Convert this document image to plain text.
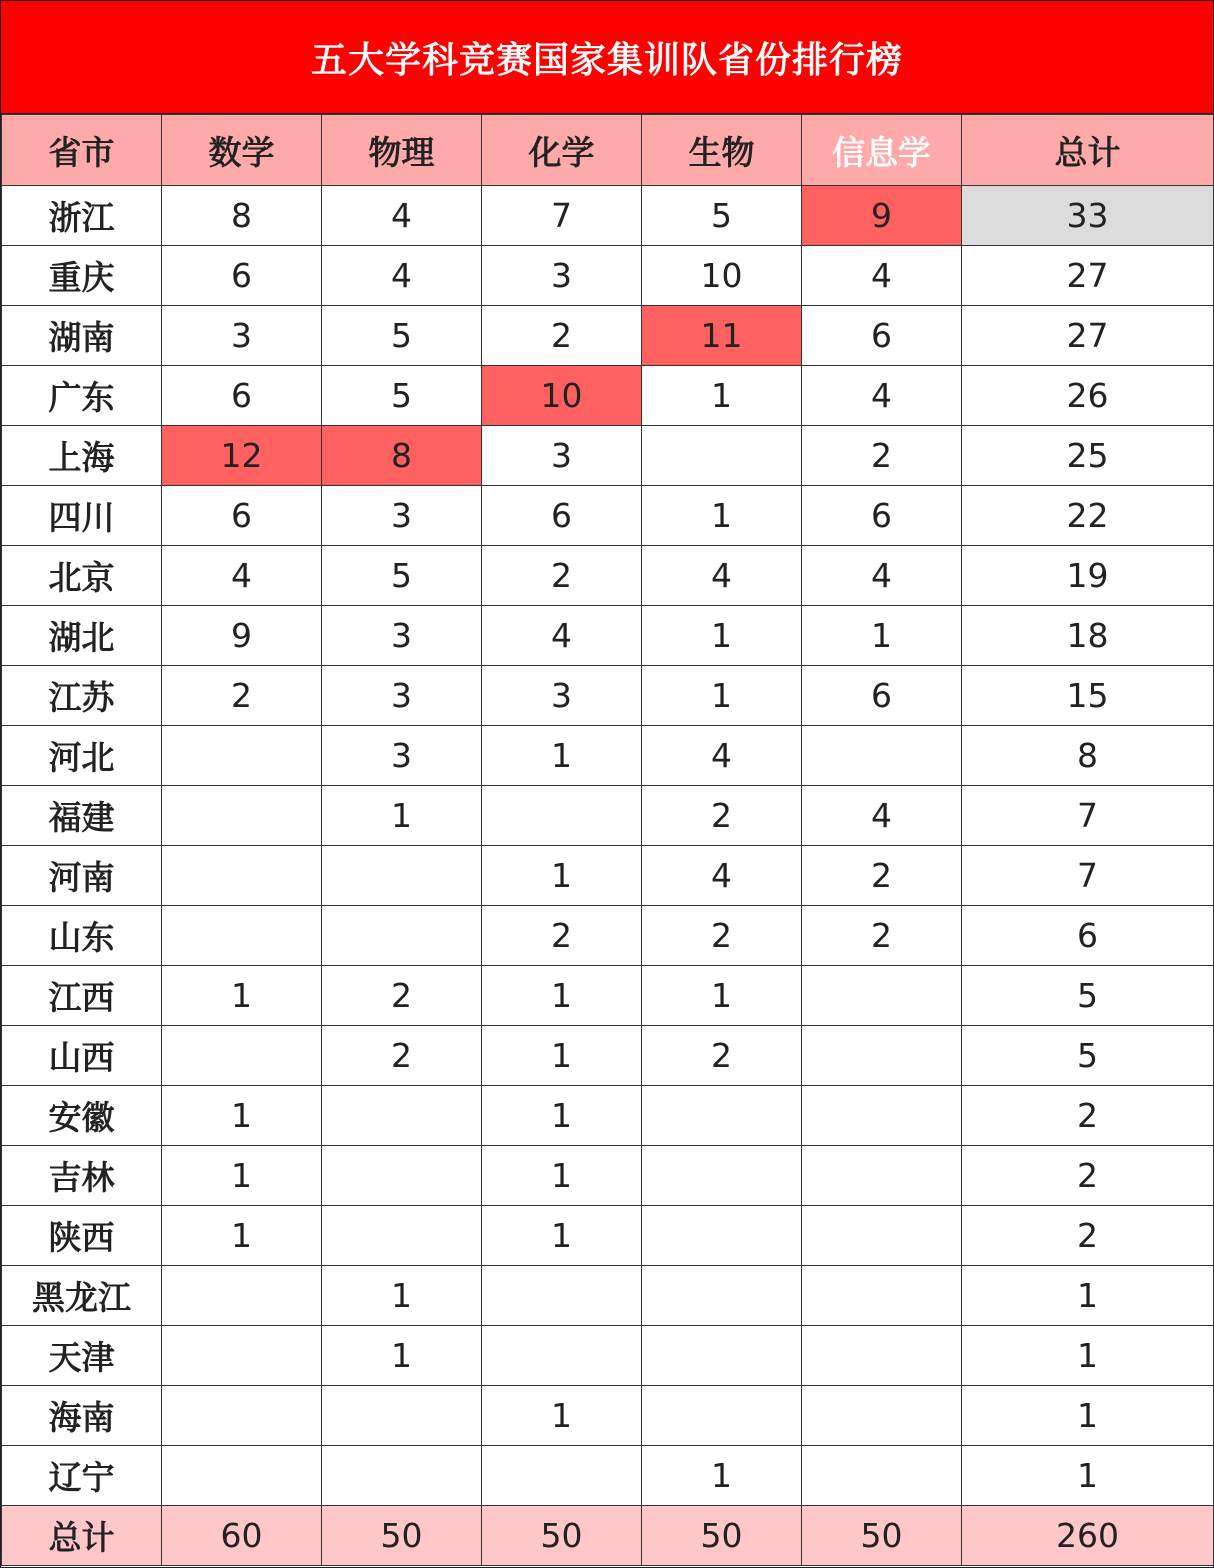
五大学科竞赛国家集训队省份排行榜
省市	数学	物理	化学	生物	信息学	总计
浙江	8	4	7	5	9	33
重庆	6	4	3	10	4	27
湖南	3	5	2	11	6	27
广东	6	5	10	1	4	26
上海	12	8	3		2	25
四川	6	3	6	1	6	22
北京	4	5	2	4	4	19
湖北	9	3	4	1	1	18
江苏	2	3	3	1	6	15
河北		3	1	4		8
福建		1		2	4	7
河南			1	4	2	7
山东			2	2	2	6
江西	1	2	1	1		5
山西		2	1	2		5
安徽	1		1			2
吉林	1		1			2
陕西	1		1			2
黑龙江		1				1
天津		1				1
海南			1			1
辽宁				1		1
总计	60	50	50	50	50	260
